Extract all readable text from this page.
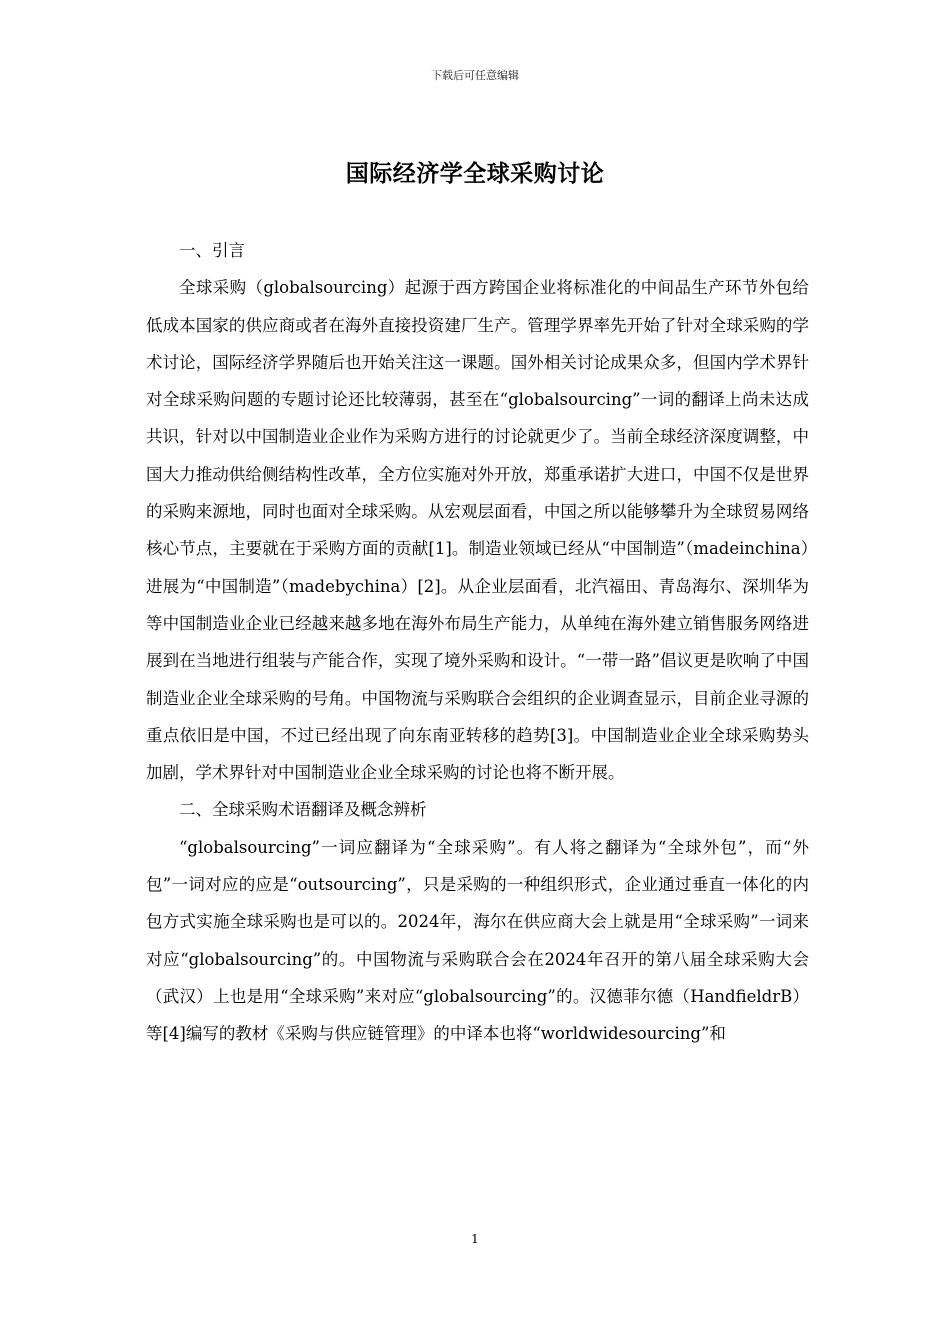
下载后可任意编辑
国际经济学全球采购讨论

一、引言

全球采购（globalsourcing）起源于西方跨国企业将标准化的中间品生产环节外包给低成本国家的供应商或者在海外直接投资建厂生产。管理学界率先开始了针对全球采购的学术讨论，国际经济学界随后也开始关注这一课题。国外相关讨论成果众多，但国内学术界针对全球采购问题的专题讨论还比较薄弱，甚至在“globalsourcing”一词的翻译上尚未达成共识，针对以中国制造业企业作为采购方进行的讨论就更少了。当前全球经济深度调整，中国大力推动供给侧结构性改革，全方位实施对外开放，郑重承诺扩大进口，中国不仅是世界的采购来源地，同时也面对全球采购。从宏观层面看，中国之所以能够攀升为全球贸易网络核心节点，主要就在于采购方面的贡献[1]。制造业领域已经从“中国制造”（madeinchina）进展为“中国制造”（madebychina）[2]。从企业层面看，北汽福田、青岛海尔、深圳华为等中国制造业企业已经越来越多地在海外布局生产能力，从单纯在海外建立销售服务网络进展到在当地进行组装与产能合作，实现了境外采购和设计。“一带一路”倡议更是吹响了中国制造业企业全球采购的号角。中国物流与采购联合会组织的企业调查显示，目前企业寻源的重点依旧是中国，不过已经出现了向东南亚转移的趋势[3]。中国制造业企业全球采购势头加剧，学术界针对中国制造业企业全球采购的讨论也将不断开展。

二、全球采购术语翻译及概念辨析

“globalsourcing”一词应翻译为“全球采购”。有人将之翻译为“全球外包”，而“外包”一词对应的应是“outsourcing”，只是采购的一种组织形式，企业通过垂直一体化的内包方式实施全球采购也是可以的。2024年，海尔在供应商大会上就是用“全球采购”一词来对应“globalsourcing”的。中国物流与采购联合会在2024年召开的第八届全球采购大会（武汉）上也是用“全球采购”来对应“globalsourcing”的。汉德菲尔德（HandfieldrB）等[4]编写的教材《采购与供应链管理》的中译本也将“worldwidesourcing”和

1
